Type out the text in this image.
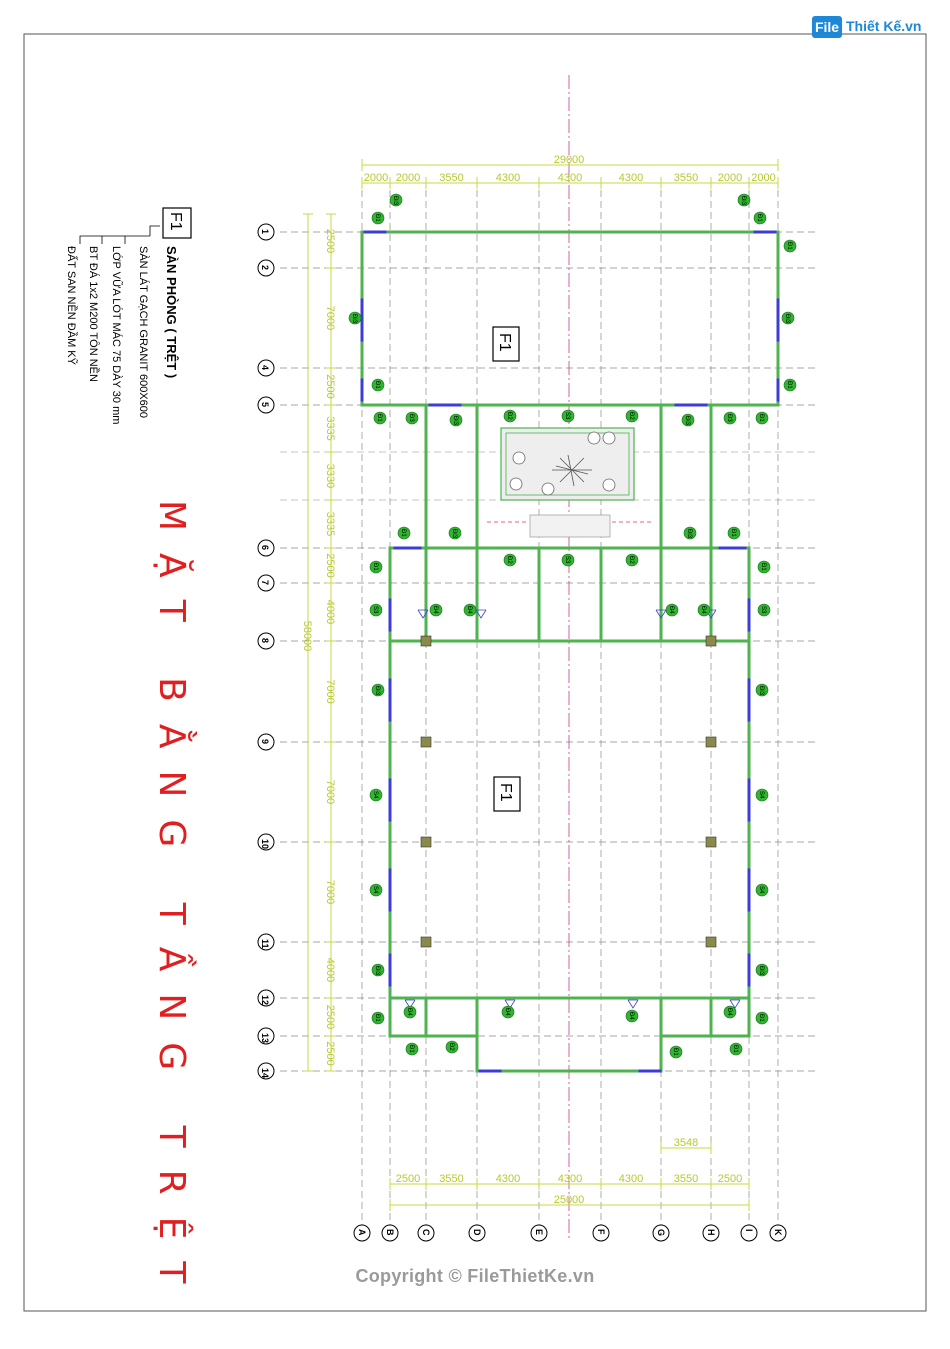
1
2
4
5
6
7
8
9
10
11
12
13
14
A B	C	D	E	F	G	H	I K
29000
2000 2000 3550	4300	4300	4300	3550 2000 2000
2500 3550	4300	4300	4300	3550 2500
25000
3548
2500
7000
2500
3335
3330
3335
2500
4000
7000
7000
7000
4000
2500
2500
58000
Đ1	Đ1
Đ1
Đ1
Đ1
Đi3	Đi3
Đ1	Đ3	Đi3
Đ2	S3	Đ2
Đi3	Đ3	Đ1
Đ1	Đi3	Đi3	Đ1
Đ1
Đ2	S3	Đ2
Đ1
S3	S3
Đ4	Đ4	Đ4	Đ4
Đi3	Đi3
S4	S4
S4	S4
Đi3	Đi3
Đ1
Đ4	Đ4
Đ4
Đ4
Đ1
Đ1	Đ2
Đ1	Đ1
Đi3	Đi3
F1
SÀN PHÒNG ( TRỆT )
SÀN LÁT GẠCH GRANIT 600X600
LỚP VỮA LÓT MÁC 75 DÀY 30 mm
BT ĐÁ 1x2 M200 TÔN NỀN
ĐẤT SAN NỀN ĐẦM KỸ
MẶT BẰNG TẦNG TRỆT
F1
F1
File Thiết Kế.vn
Copyright © FileThietKe.vn
